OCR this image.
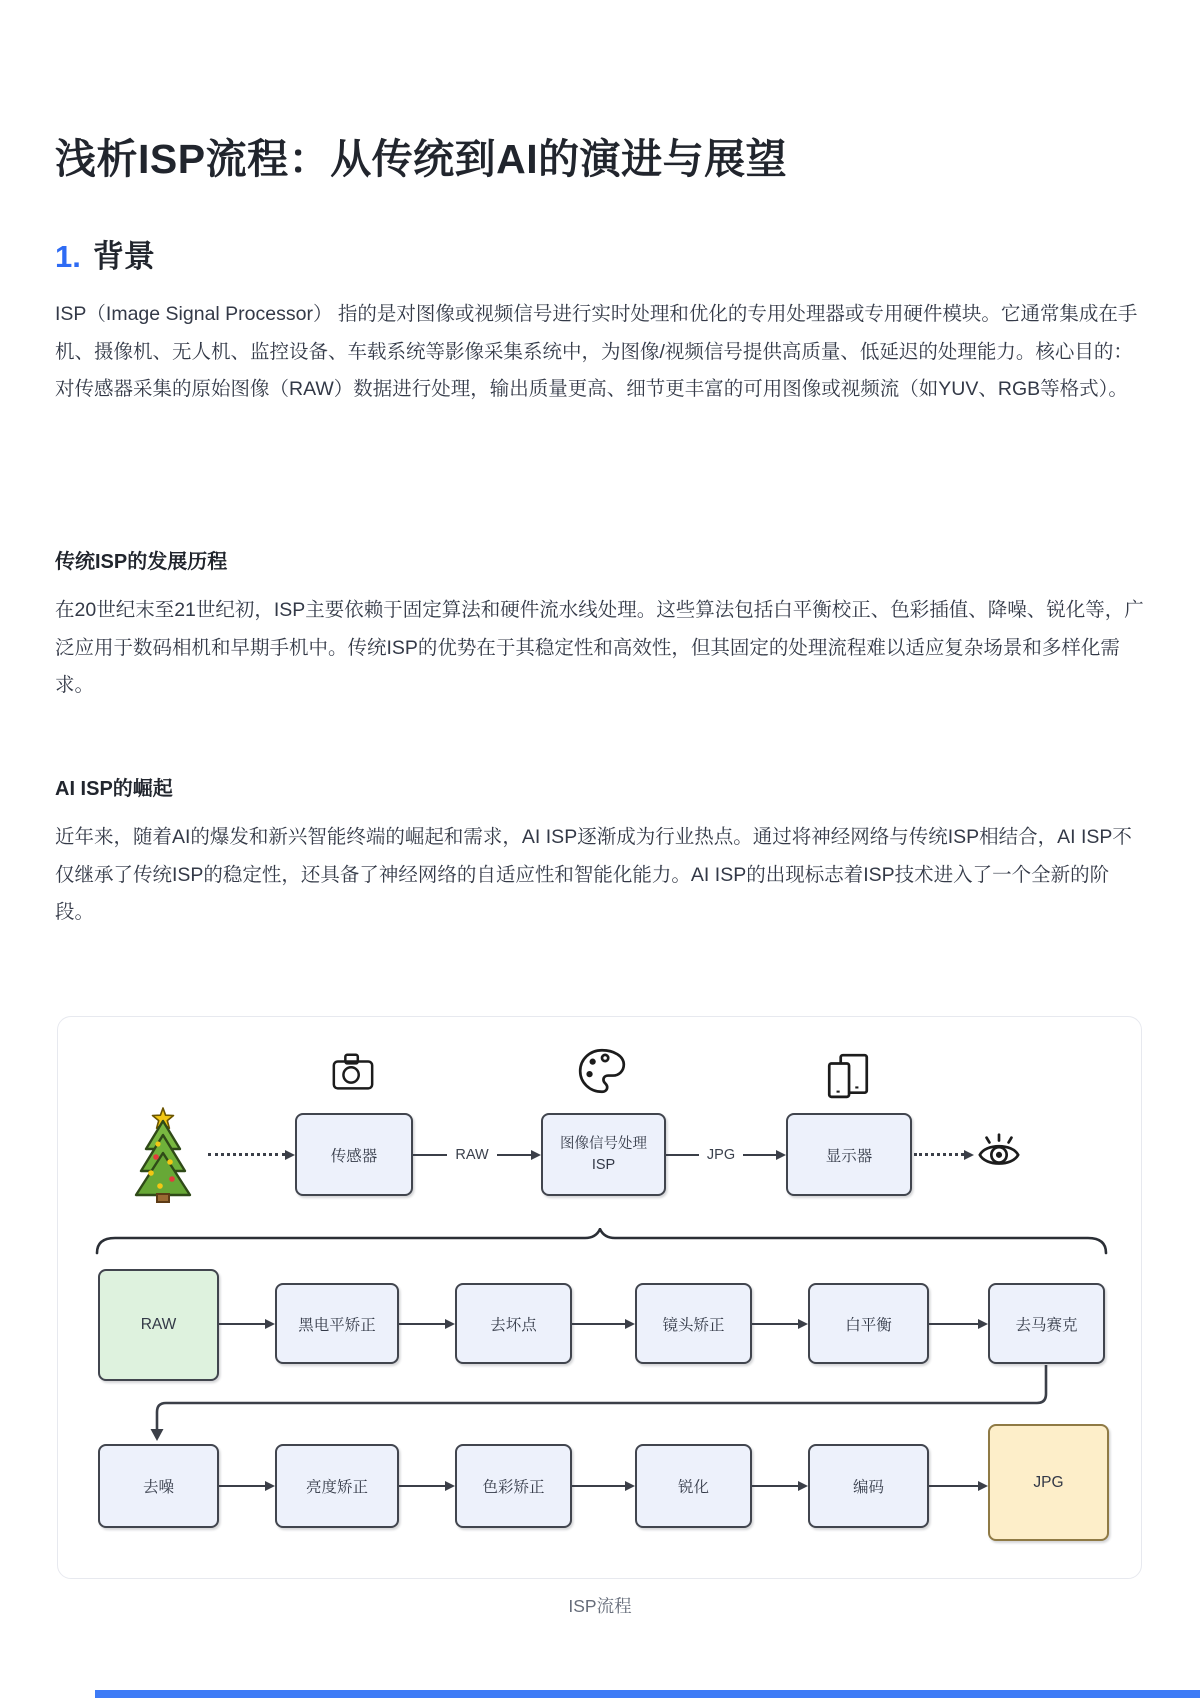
浅析ISP流程：从传统到AI的演进与展望
1. 背景

ISP（Image Signal Processor） 指的是对图像或视频信号进行实时处理和优化的专用处理器或专用硬件模块。它通常集成在手机、摄像机、无人机、监控设备、车载系统等影像采集系统中，为图像/视频信号提供高质量、低延迟的处理能力。核心目的：对传感器采集的原始图像（RAW）数据进行处理，输出质量更高、细节更丰富的可用图像或视频流（如YUV、RGB等格式）。

传统ISP的发展历程

在20世纪末至21世纪初，ISP主要依赖于固定算法和硬件流水线处理。这些算法包括白平衡校正、色彩插值、降噪、锐化等，广泛应用于数码相机和早期手机中。传统ISP的优势在于其稳定性和高效性，但其固定的处理流程难以适应复杂场景和多样化需求。

AI ISP的崛起

近年来，随着AI的爆发和新兴智能终端的崛起和需求，AI ISP逐渐成为行业热点。通过将神经网络与传统ISP相结合，AI ISP不仅继承了传统ISP的稳定性，还具备了神经网络的自适应性和智能化能力。AI ISP的出现标志着ISP技术进入了一个全新的阶段。

传感器
图像信号处理
ISP	显示器
RAW	JPG
RAW	黑电平矫正	去坏点	镜头矫正	白平衡	去马赛克
去噪	亮度矫正	色彩矫正	锐化	编码	JPG
ISP流程
